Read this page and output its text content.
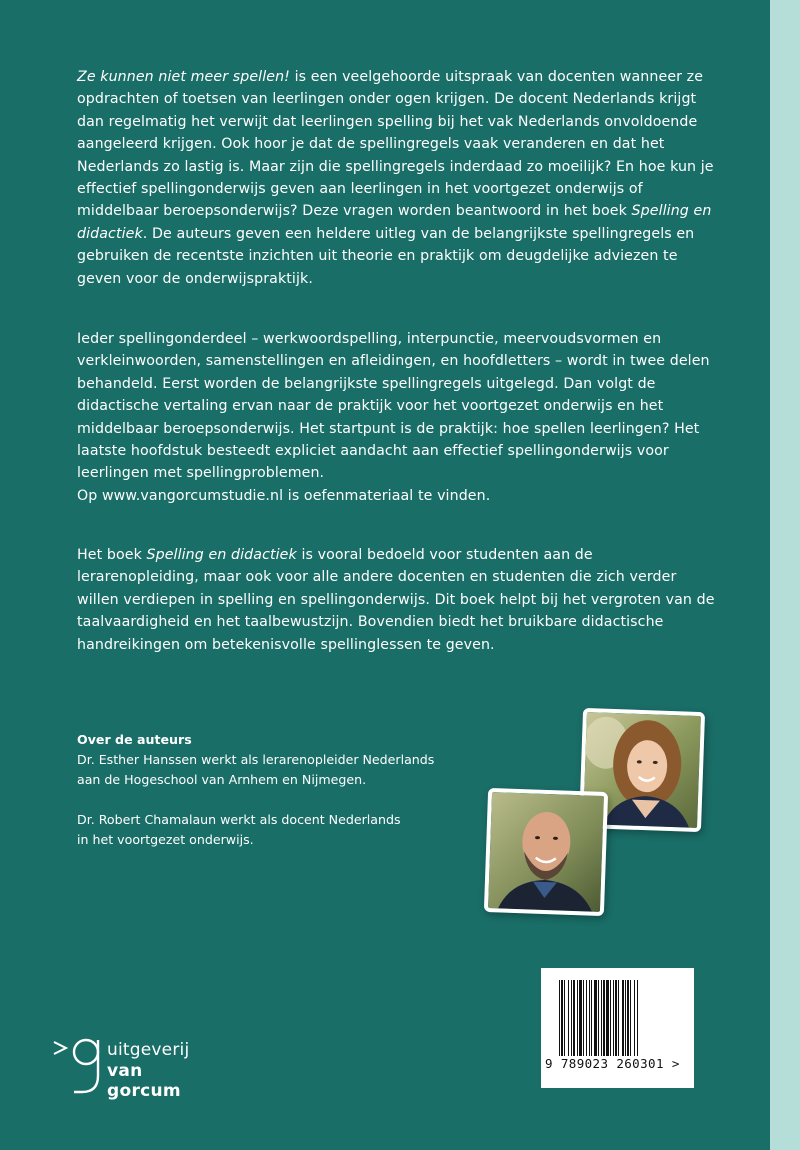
Ze kunnen niet meer spellen! is een veelgehoorde uitspraak van docenten wanneer ze opdrachten of toetsen van leerlingen onder ogen krijgen. De docent Nederlands krijgt dan regelmatig het verwijt dat leerlingen spelling bij het vak Nederlands onvoldoende aangeleerd krijgen. Ook hoor je dat de spellingregels vaak veranderen en dat het Nederlands zo lastig is. Maar zijn die spellingregels inderdaad zo moeilijk? En hoe kun je effectief spellingonderwijs geven aan leerlingen in het voortgezet onderwijs of middelbaar beroepsonderwijs? Deze vragen worden beantwoord in het boek Spelling en didactiek. De auteurs geven een heldere uitleg van de belangrijkste spellingregels en gebruiken de recentste inzichten uit theorie en praktijk om deugdelijke adviezen te geven voor de onderwijspraktijk.

Ieder spellingonderdeel – werkwoordspelling, interpunctie, meervoudsvormen en verkleinwoorden, samenstellingen en afleidingen, en hoofdletters – wordt in twee delen behandeld. Eerst worden de belangrijkste spellingregels uitgelegd. Dan volgt de didactische vertaling ervan naar de praktijk voor het voortgezet onderwijs en het middelbaar beroepsonderwijs. Het startpunt is de praktijk: hoe spellen leerlingen? Het laatste hoofdstuk besteedt expliciet aandacht aan effectief spellingonderwijs voor leerlingen met spellingproblemen.

Op www.vangorcumstudie.nl is oefenmateriaal te vinden.

Het boek Spelling en didactiek is vooral bedoeld voor studenten aan de lerarenopleiding, maar ook voor alle andere docenten en studenten die zich verder willen verdiepen in spelling en spellingonderwijs. Dit boek helpt bij het vergroten van de taalvaardigheid en het taalbewustzijn. Bovendien biedt het bruikbare didactische handreikingen om betekenisvolle spellinglessen te geven.

Over de auteurs

Dr. Esther Hanssen werkt als lerarenopleider Nederlands

aan de Hogeschool van Arnhem en Nijmegen.

Dr. Robert Chamalaun werkt als docent Nederlands

in het voortgezet onderwijs.

9 789023 260301 >
uitgeverij
van gorcum
